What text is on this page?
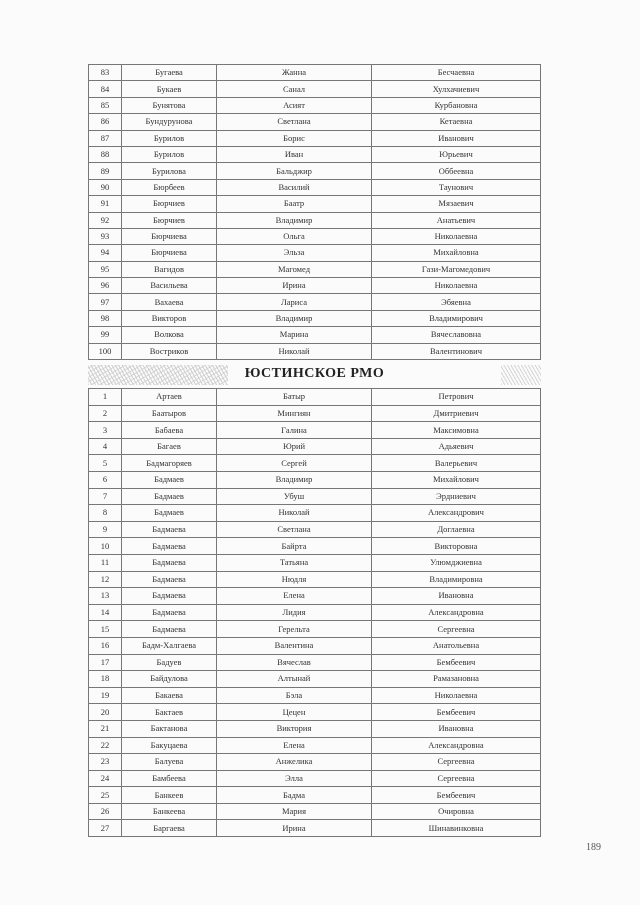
83	Бугаева	Жанна	Бесчаевна
84	Букаев	Санал	Хулхачиевич
85	Бунятова	Асият	Курбановна
86	Бундурунова	Светлана	Кетаевна
87	Бурилов	Борис	Иванович
88	Бурилов	Иван	Юрьевич
89	Бурилова	Бальджир	Оббеевна
90	Бюрбеев	Василий	Таунович
91	Бюрчиев	Баатр	Мязаевич
92	Бюрчиев	Владимир	Анатьевич
93	Бюрчиева	Ольга	Николаевна
94	Бюрчиева	Эльза	Михайловна
95	Вагидов	Магомед	Гази-Магомедович
96	Васильева	Ирина	Николаевна
97	Вахаева	Лариса	Эбяевна
98	Викторов	Владимир	Владимирович
99	Волкова	Марина	Вячеславовна
100	Востриков	Николай	Валентинович
ЮСТИНСКОЕ РМО
1	Артаев	Батыр	Петрович
2	Баатыров	Мингиян	Дмитриевич
3	Бабаева	Галина	Максимовна
4	Багаев	Юрий	Адьяевич
5	Бадмагоряев	Сергей	Валерьевич
6	Бадмаев	Владимир	Михайлович
7	Бадмаев	Убуш	Эрдниевич
8	Бадмаев	Николай	Александрович
9	Бадмаева	Светлана	Доглаевна
10	Бадмаева	Байрта	Викторовна
11	Бадмаева	Татьяна	Улюмджиевна
12	Бадмаева	Нюдля	Владимировна
13	Бадмаева	Елена	Ивановна
14	Бадмаева	Лидия	Александровна
15	Бадмаева	Герельта	Сергеевна
16	Бадм-Халгаева	Валентина	Анатольевна
17	Бадуев	Вячеслав	Бембеевич
18	Байдулова	Алтынай	Рамазановна
19	Бакаева	Бэла	Николаевна
20	Бактаев	Цецен	Бембеевич
21	Бактанова	Виктория	Ивановна
22	Бакуцаева	Елена	Александровна
23	Балуева	Анжелика	Сергеевна
24	Бамбеева	Элла	Сергеевна
25	Банкеев	Бадма	Бембеевич
26	Банкеева	Мария	Очировна
27	Баргаева	Ирина	Шинавинковна
189
